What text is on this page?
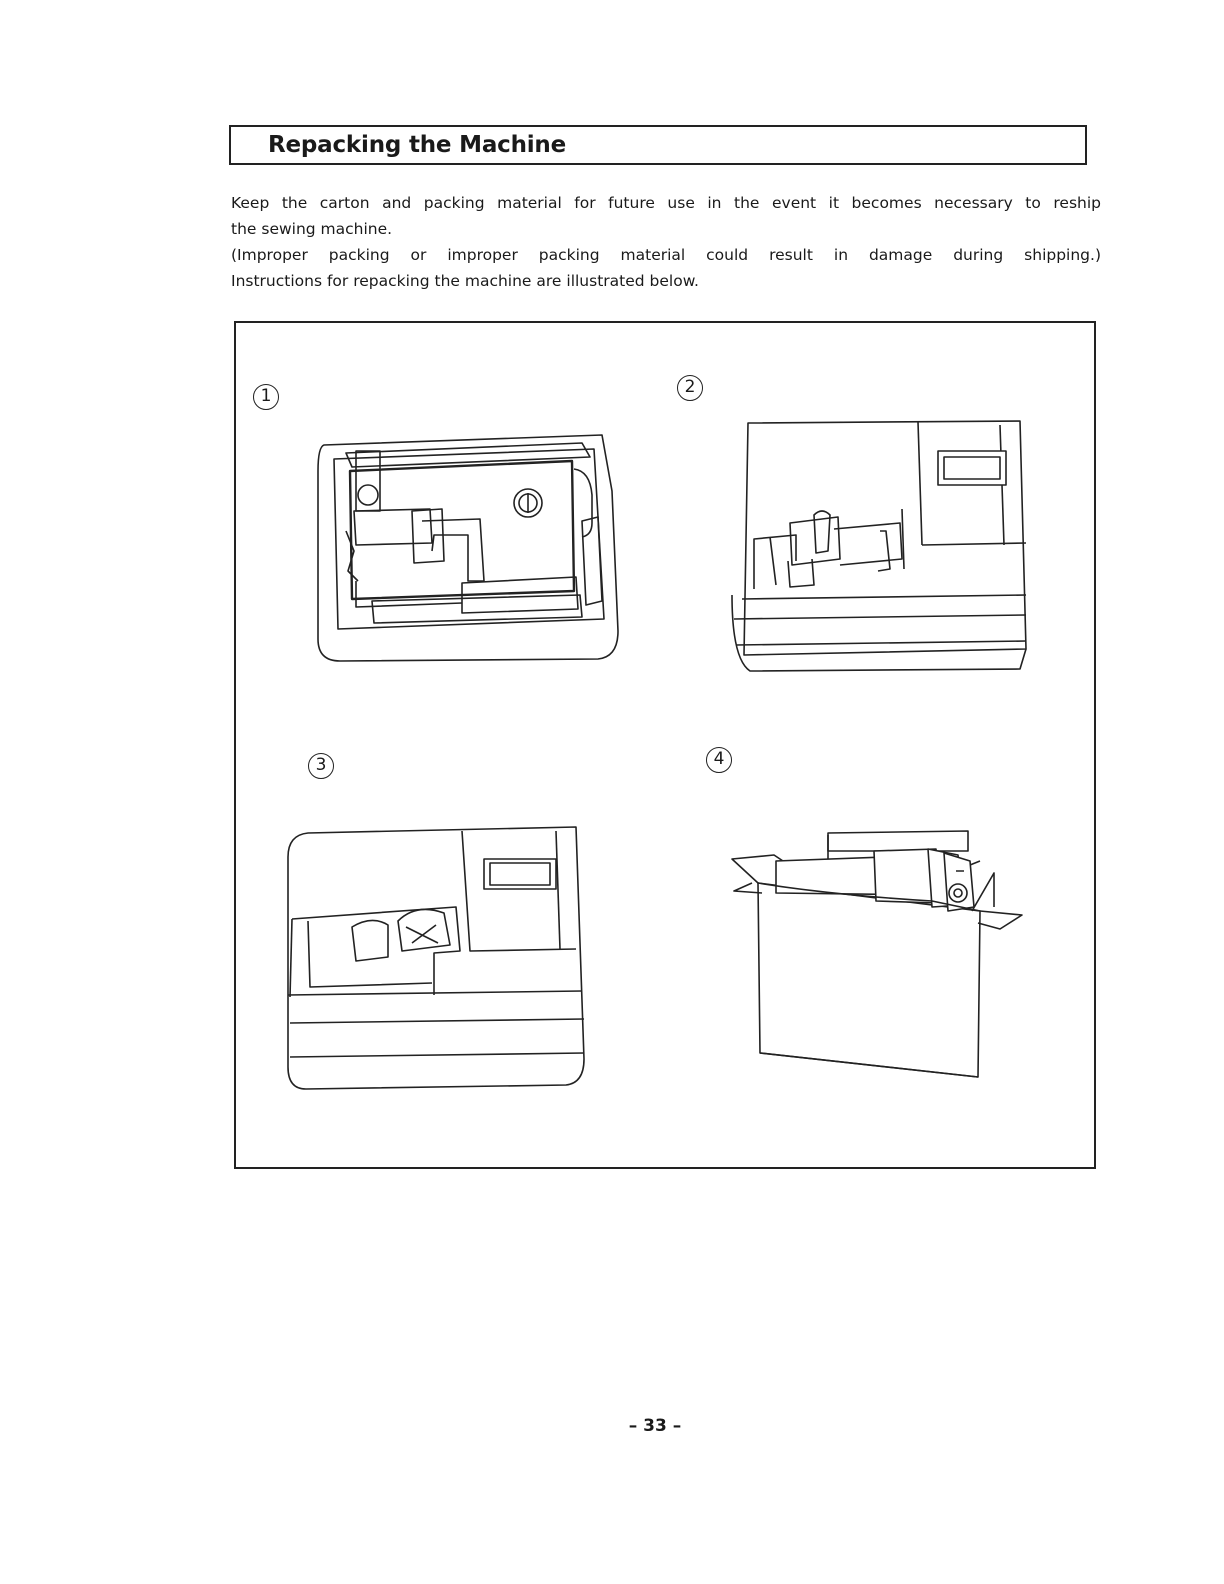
Repacking the Machine

Keep the carton and packing material for future use in the event it becomes necessary to reship

the sewing machine.

(Improper packing or improper packing material could result in damage during shipping.)

Instructions for repacking the machine are illustrated below.

1	2
3	4
– 33 –
